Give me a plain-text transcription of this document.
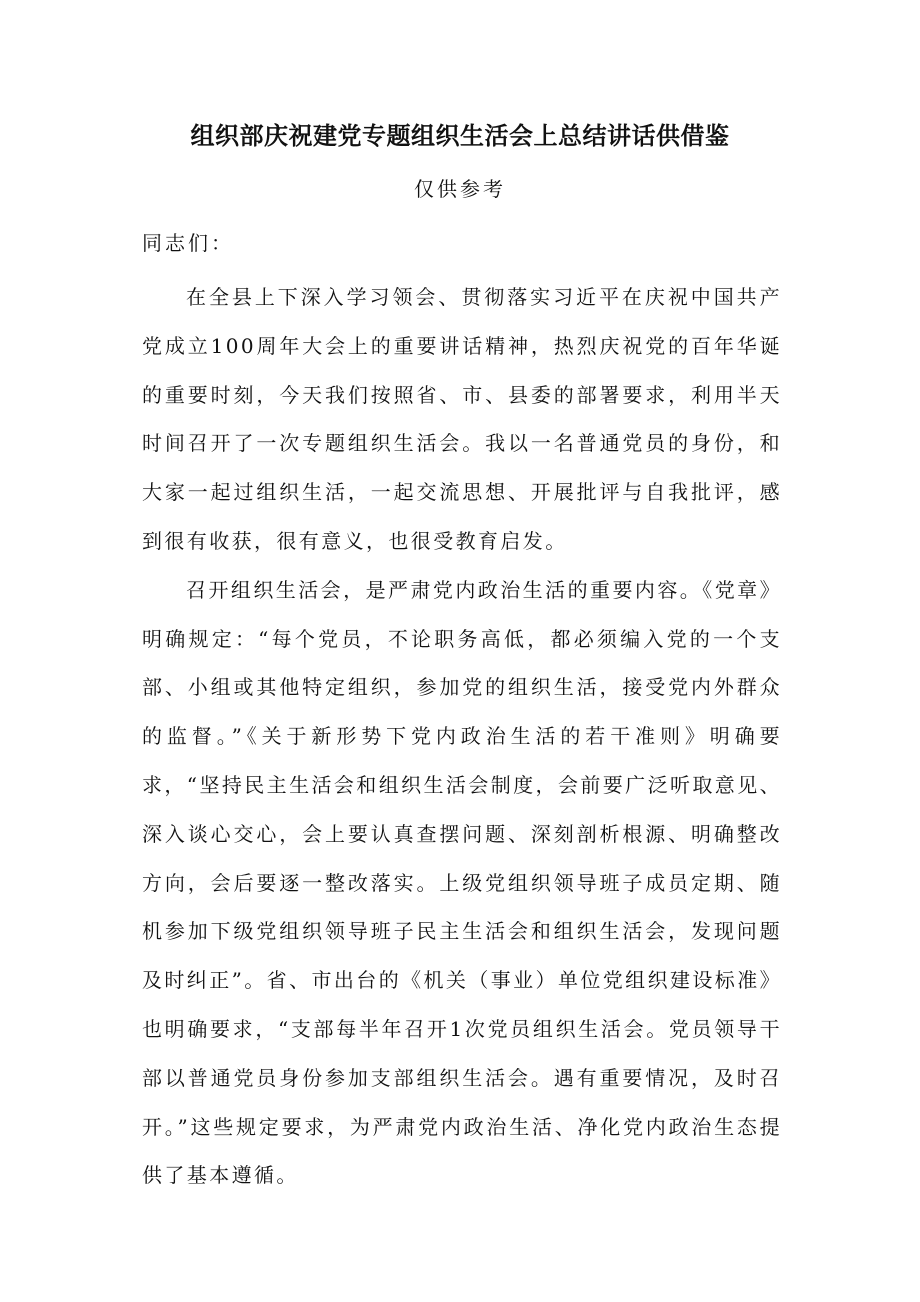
组织部庆祝建党专题组织生活会上总结讲话供借鉴
仅供参考
同志们：

在全县上下深入学习领会、贯彻落实习近平在庆祝中国共产党成立100周年大会上的重要讲话精神，热烈庆祝党的百年华诞的重要时刻，今天我们按照省、市、县委的部署要求，利用半天时间召开了一次专题组织生活会。我以一名普通党员的身份，和大家一起过组织生活，一起交流思想、开展批评与自我批评，感到很有收获，很有意义，也很受教育启发。

召开组织生活会，是严肃党内政治生活的重要内容。《党章》明确规定：“每个党员，不论职务高低，都必须编入党的一个支部、小组或其他特定组织，参加党的组织生活，接受党内外群众的监督。”《关于新形势下党内政治生活的若干准则》明确要求，“坚持民主生活会和组织生活会制度，会前要广泛听取意见、深入谈心交心，会上要认真查摆问题、深刻剖析根源、明确整改方向，会后要逐一整改落实。上级党组织领导班子成员定期、随机参加下级党组织领导班子民主生活会和组织生活会，发现问题及时纠正”。省、市出台的《机关（事业）单位党组织建设标准》也明确要求，“支部每半年召开1次党员组织生活会。党员领导干部以普通党员身份参加支部组织生活会。遇有重要情况，及时召开。”这些规定要求，为严肃党内政治生活、净化党内政治生态提供了基本遵循。
